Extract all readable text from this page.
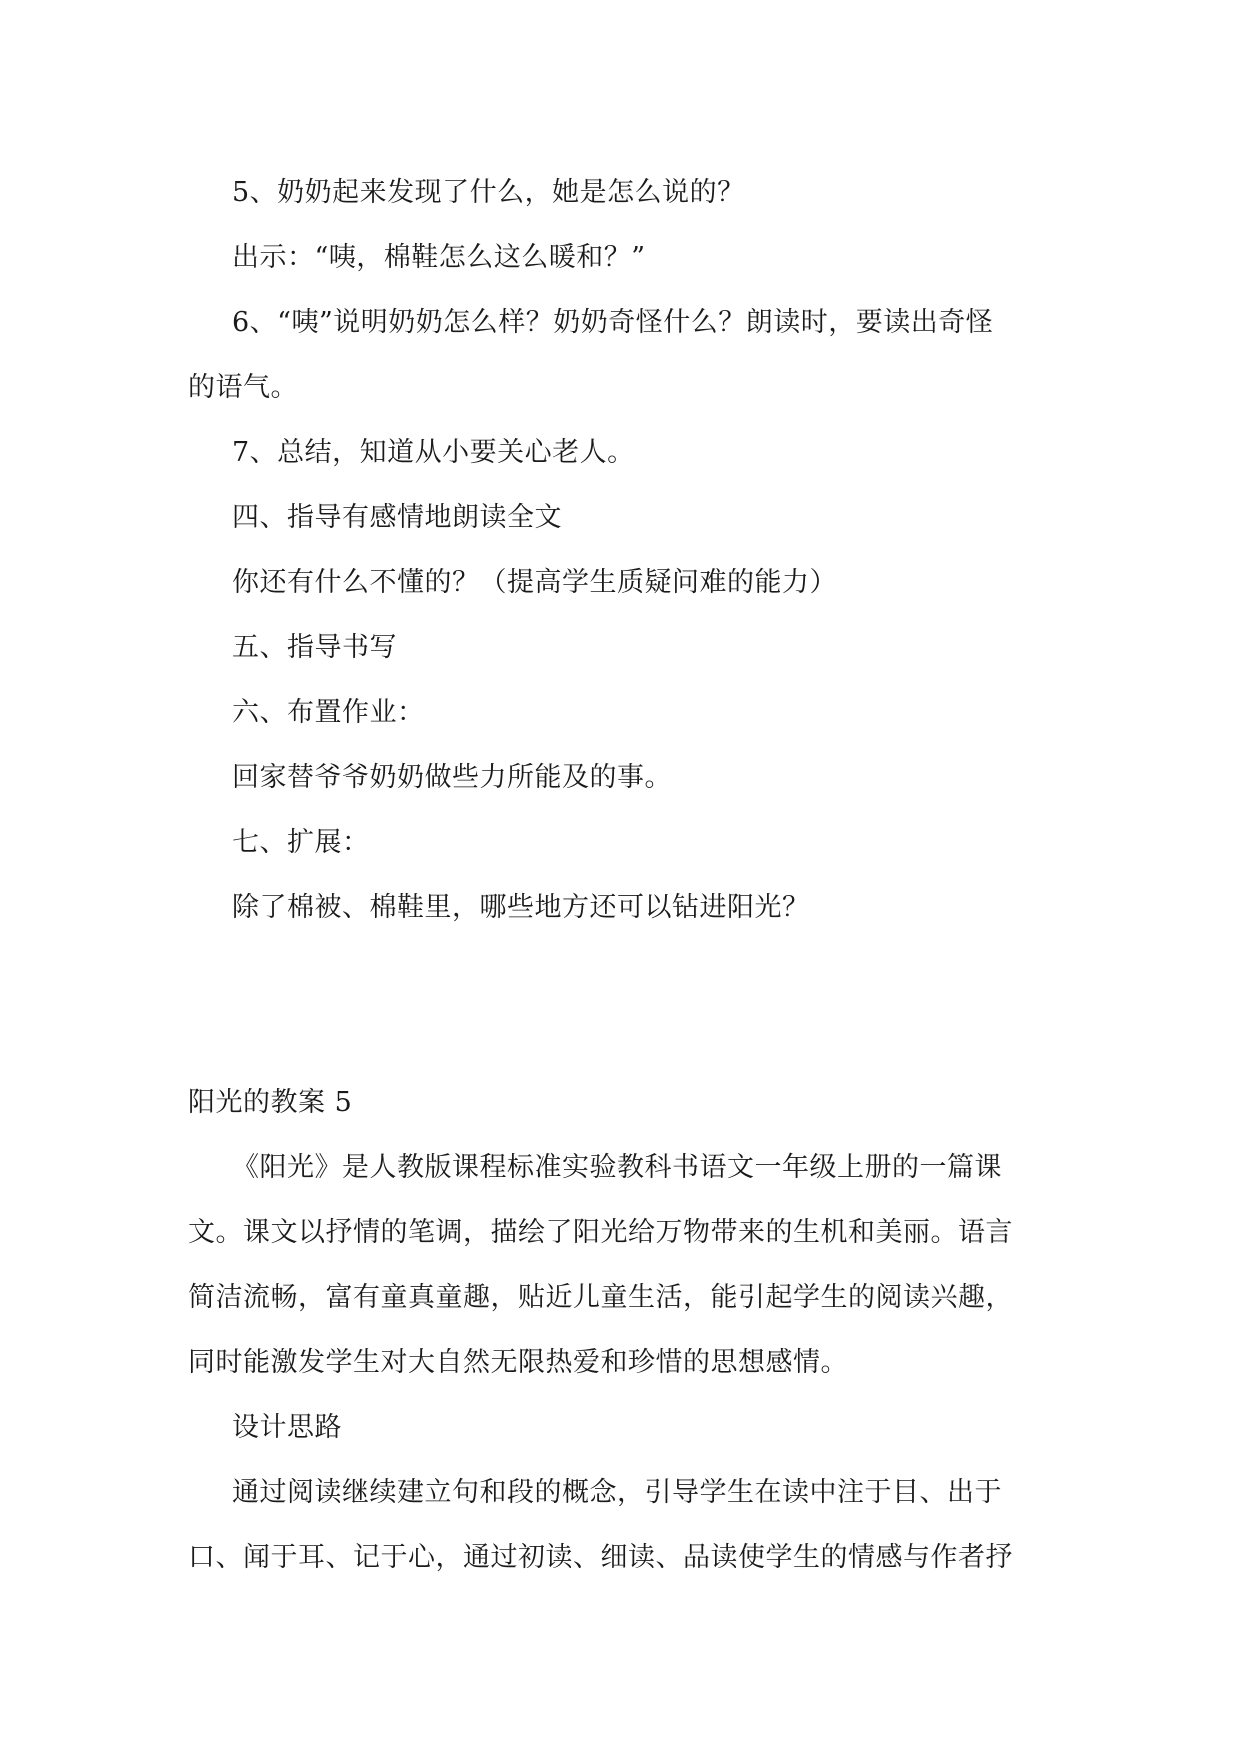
5、奶奶起来发现了什么，她是怎么说的？
出示：“咦，棉鞋怎么这么暖和？”
6、“咦”说明奶奶怎么样？奶奶奇怪什么？朗读时，要读出奇怪
的语气。
7、总结，知道从小要关心老人。
四、指导有感情地朗读全文
你还有什么不懂的？（提高学生质疑问难的能力）
五、指导书写
六、布置作业：
回家替爷爷奶奶做些力所能及的事。
七、扩展：
除了棉被、棉鞋里，哪些地方还可以钻进阳光？
阳光的教案 5
《阳光》是人教版课程标准实验教科书语文一年级上册的一篇课
文。课文以抒情的笔调，描绘了阳光给万物带来的生机和美丽。语言
简洁流畅，富有童真童趣，贴近儿童生活，能引起学生的阅读兴趣，
同时能激发学生对大自然无限热爱和珍惜的思想感情。
设计思路
通过阅读继续建立句和段的概念，引导学生在读中注于目、出于
口、闻于耳、记于心，通过初读、细读、品读使学生的情感与作者抒
